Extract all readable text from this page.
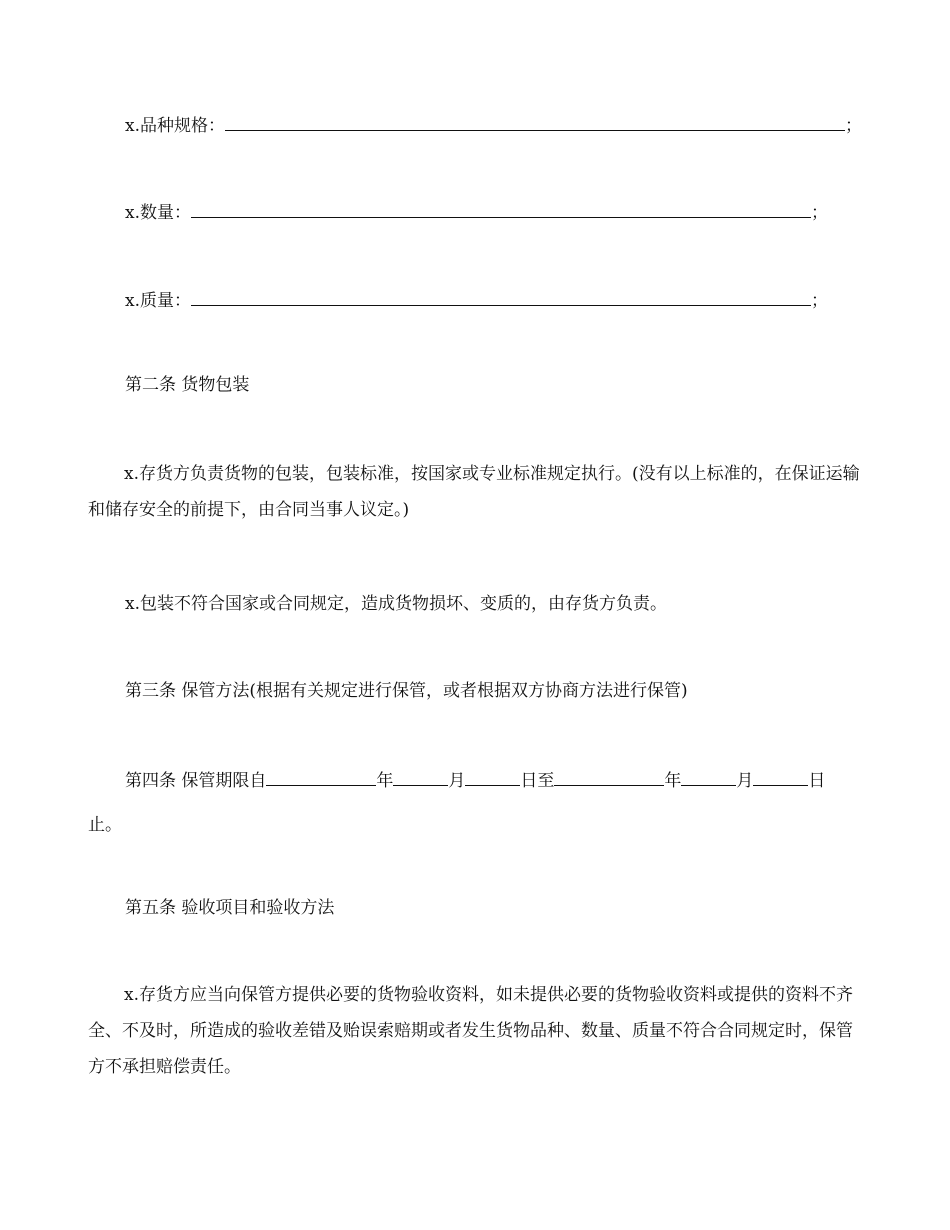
x.品种规格：	；
x.数量：	；
x.质量：	；
第二条 货物包装
x.存货方负责货物的包装，包装标准，按国家或专业标准规定执行。(没有以上标准的，在保证运输和储存安全的前提下，由合同当事人议定。)
x.包装不符合国家或合同规定，造成货物损坏、变质的，由存货方负责。
第三条 保管方法(根据有关规定进行保管，或者根据双方协商方法进行保管)
第四条 保管期限自	年	月	日至	年	月	日
止。
第五条 验收项目和验收方法
x.存货方应当向保管方提供必要的货物验收资料，如未提供必要的货物验收资料或提供的资料不齐全、不及时，所造成的验收差错及贻误索赔期或者发生货物品种、数量、质量不符合合同规定时，保管方不承担赔偿责任。
